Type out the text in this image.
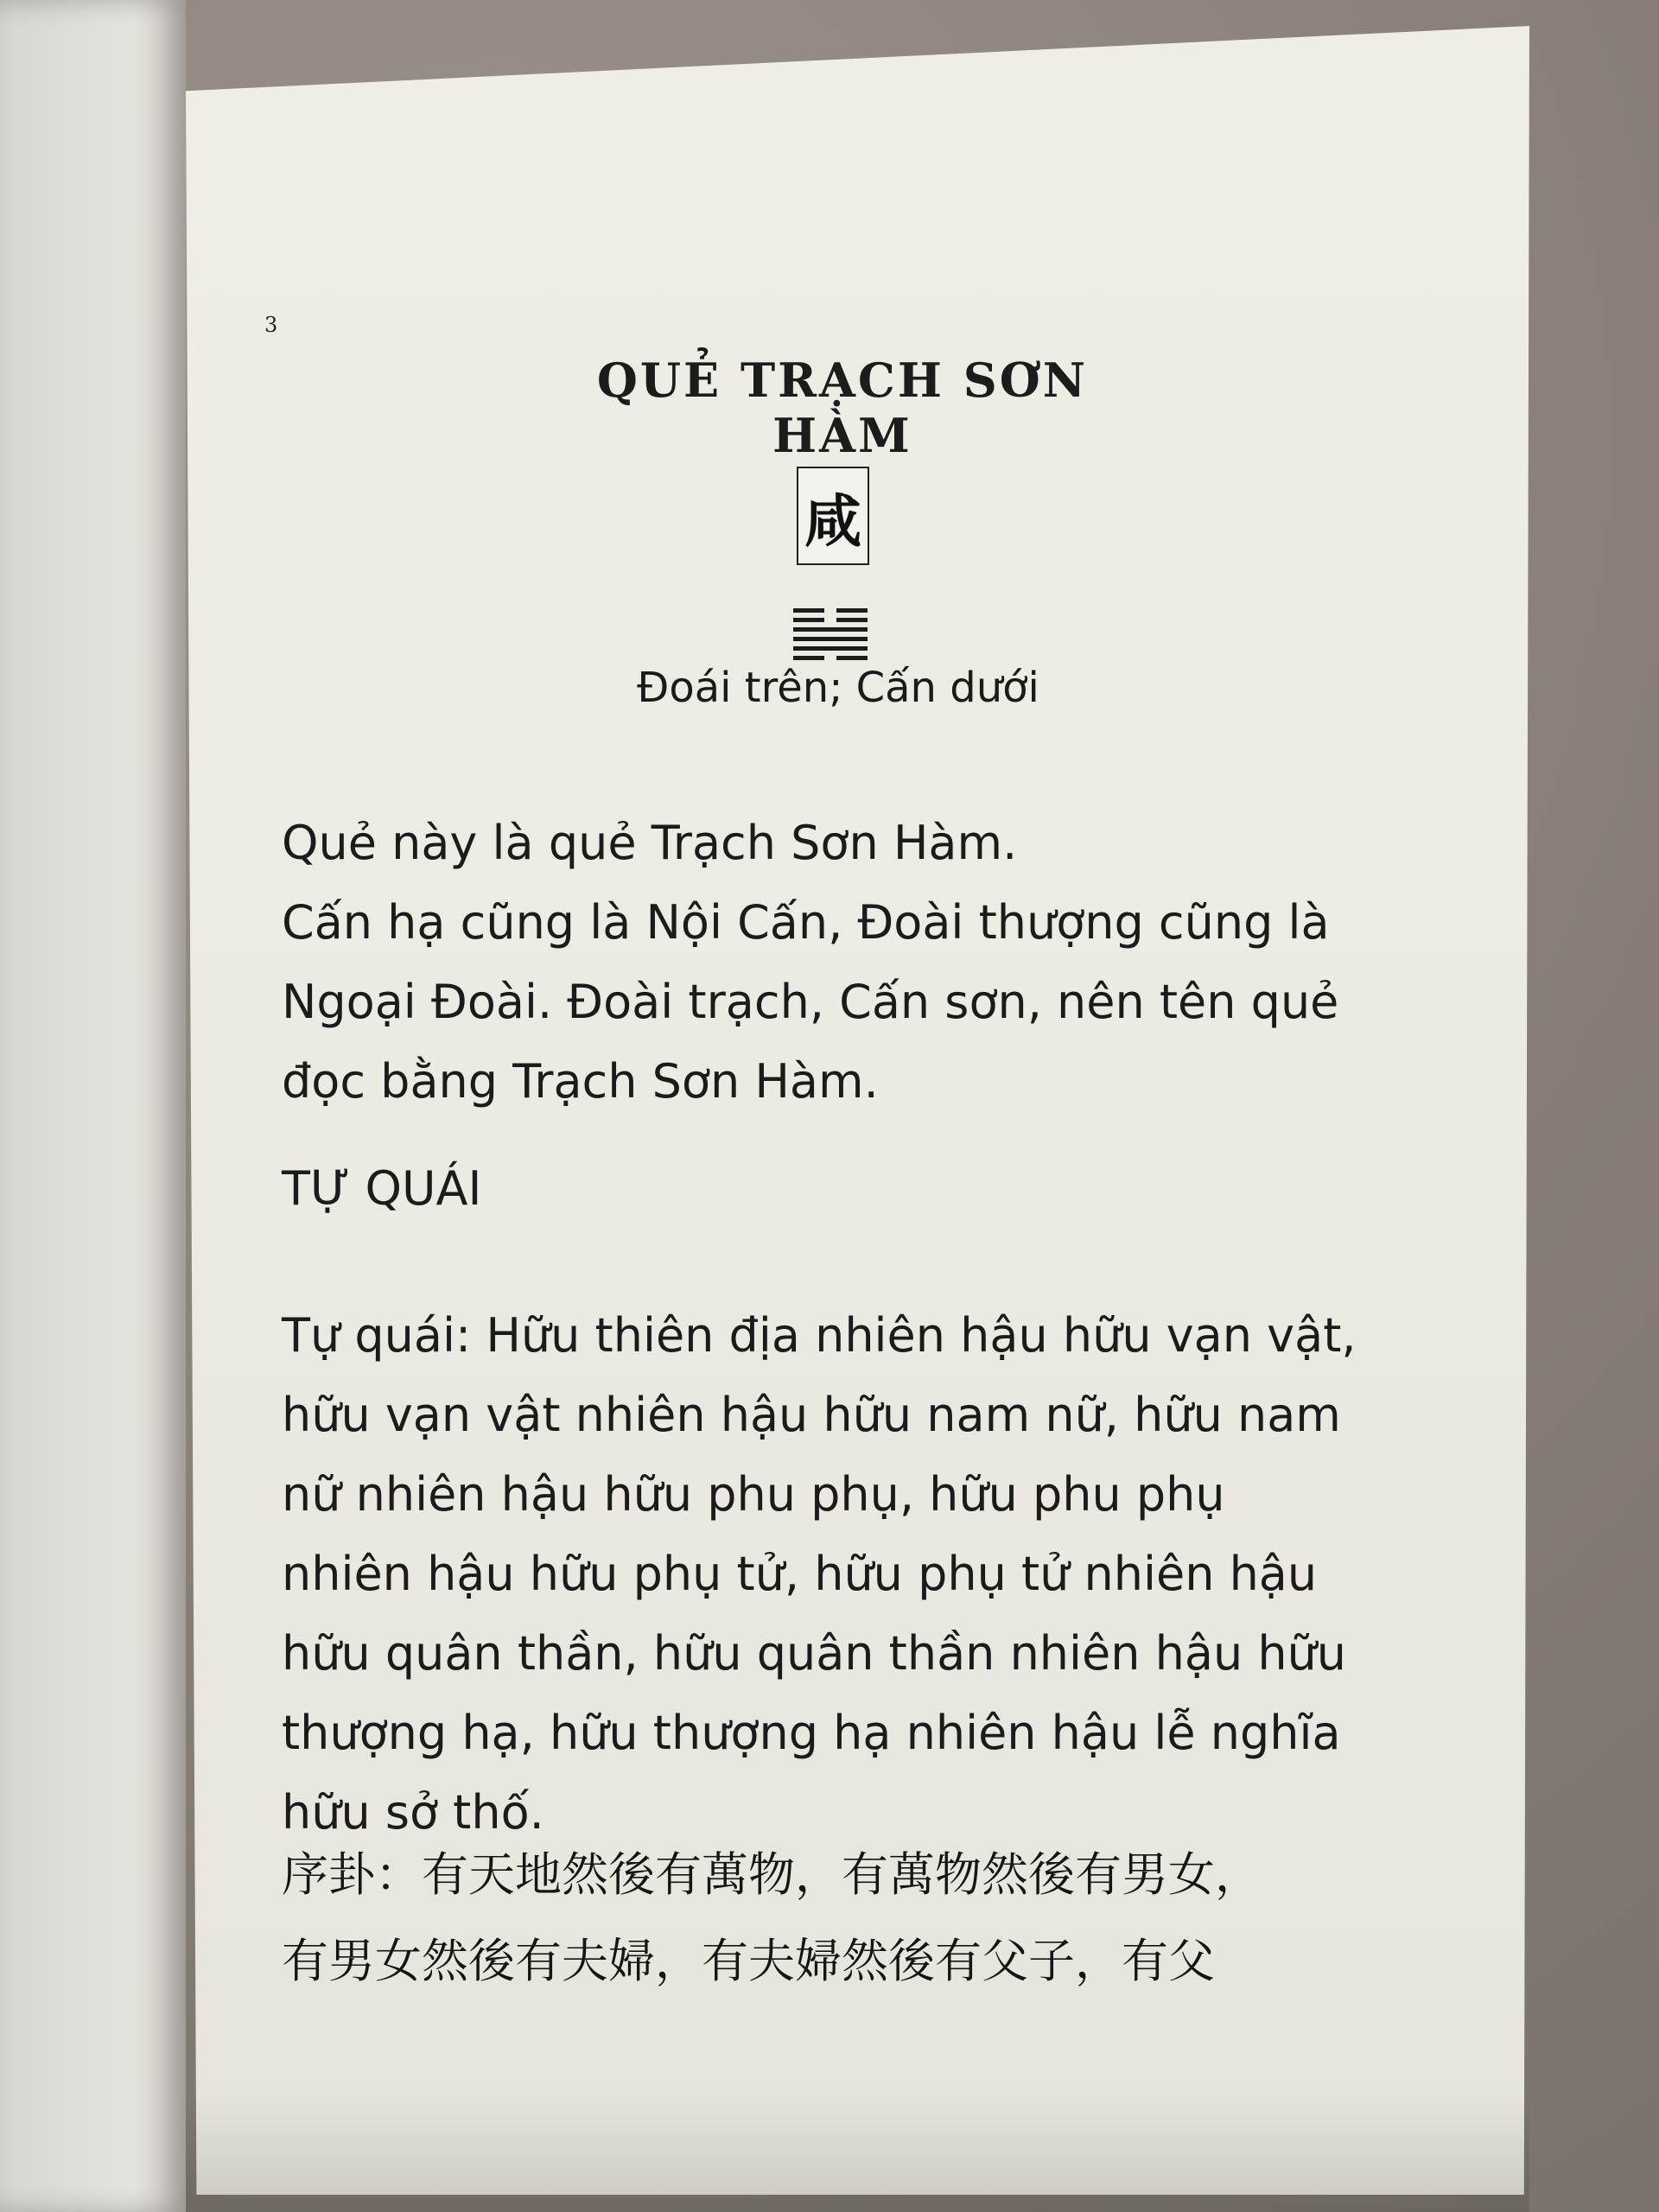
3
QUẺ TRẠCH SƠN HÀM
咸
Đoái trên; Cấn dưới
Quẻ này là quẻ Trạch Sơn Hàm.
Cấn hạ cũng là Nội Cấn, Đoài thượng cũng là
Ngoại Đoài. Đoài trạch, Cấn sơn, nên tên quẻ
đọc bằng Trạch Sơn Hàm.
TỰ QUÁI
Tự quái: Hữu thiên địa nhiên hậu hữu vạn vật,
hữu vạn vật nhiên hậu hữu nam nữ, hữu nam
nữ nhiên hậu hữu phu phụ, hữu phu phụ
nhiên hậu hữu phụ tử, hữu phụ tử nhiên hậu
hữu quân thần, hữu quân thần nhiên hậu hữu
thượng hạ, hữu thượng hạ nhiên hậu lễ nghĩa
hữu sở thố.
序卦：有天地然後有萬物，有萬物然後有男女，
有男女然後有夫婦，有夫婦然後有父子，有父
